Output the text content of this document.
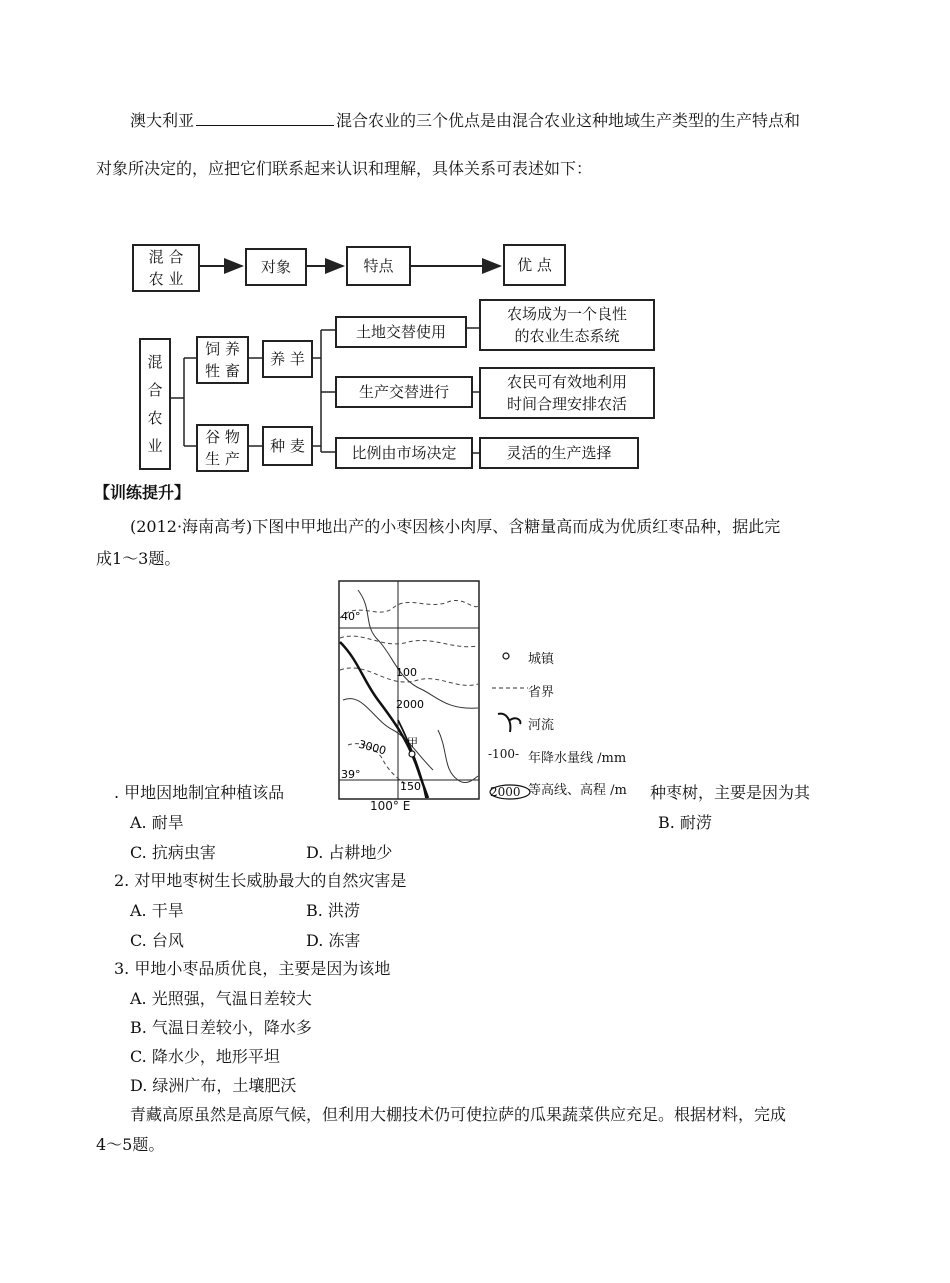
澳大利亚	混合农业的三个优点是由混合农业这种地域生产类型的生产特点和
对象所决定的，应把它们联系起来认识和理解，具体关系可表述如下：
混 合
农 业
对象	特点	优 点
混
合
农
业
饲 养
牲 畜
谷 物
生 产
养 羊
种 麦
土地交替使用
生产交替进行
比例由市场决定
农场成为一个良性
的农业生态系统
农民可有效地利用
时间合理安排农活
灵活的生产选择
【训练提升】
(2012·海南高考)下图中甲地出产的小枣因核小肉厚、含糖量高而成为优质红枣品种，据此完
成1～3题。
40°
39°
100
2000
3000 甲
150
100° E
城镇
省界
河流
-100- 年降水量线 /mm
2000 等高线、高程 /m
. 甲地因地制宜种植该品	种枣树，主要是因为其
A. 耐旱	B. 耐涝
C. 抗病虫害	D. 占耕地少
2. 对甲地枣树生长威胁最大的自然灾害是
A. 干旱	B. 洪涝
C. 台风	D. 冻害
3. 甲地小枣品质优良，主要是因为该地
A. 光照强，气温日差较大
B. 气温日差较小，降水多
C. 降水少，地形平坦
D. 绿洲广布，土壤肥沃
青藏高原虽然是高原气候，但利用大棚技术仍可使拉萨的瓜果蔬菜供应充足。根据材料，完成
4～5题。
